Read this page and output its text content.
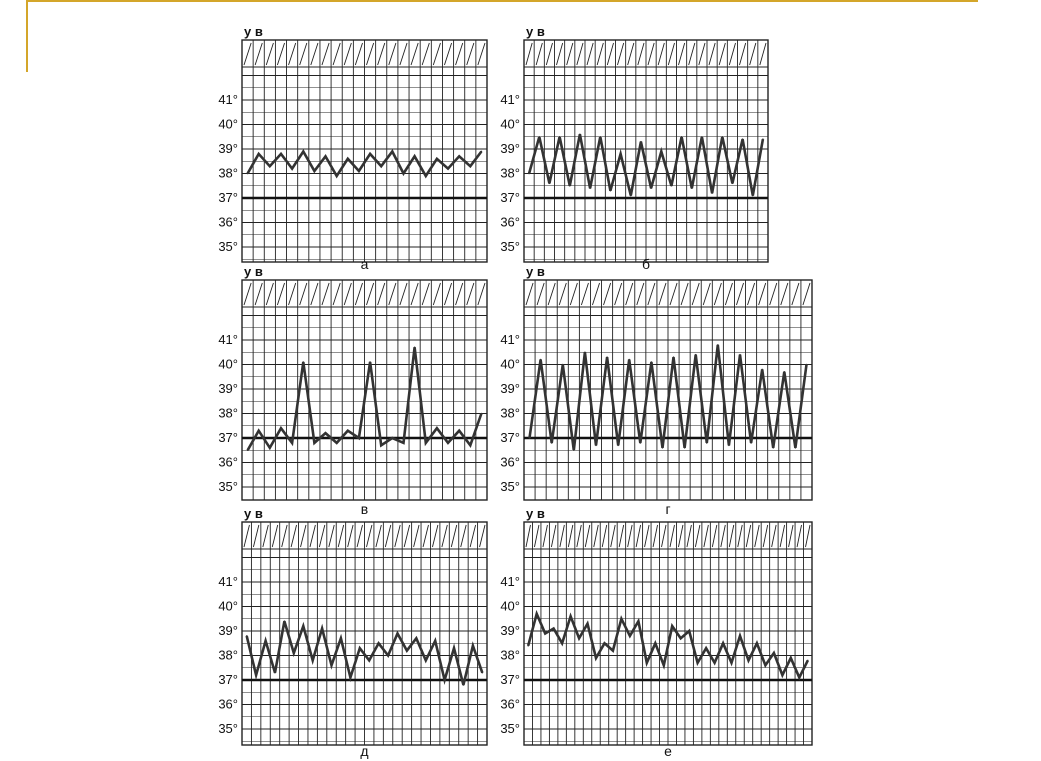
35°
36°
37°
38°
39°
40°
41°
у в
а
35°
36°
37°
38°
39°
40°
41°
у в
б
35°
36°
37°
38°
39°
40°
41°
у в
в
35°
36°
37°
38°
39°
40°
41°
у в
г
35°
36°
37°
38°
39°
40°
41°
у в
д
35°
36°
37°
38°
39°
40°
41°
у в
е
